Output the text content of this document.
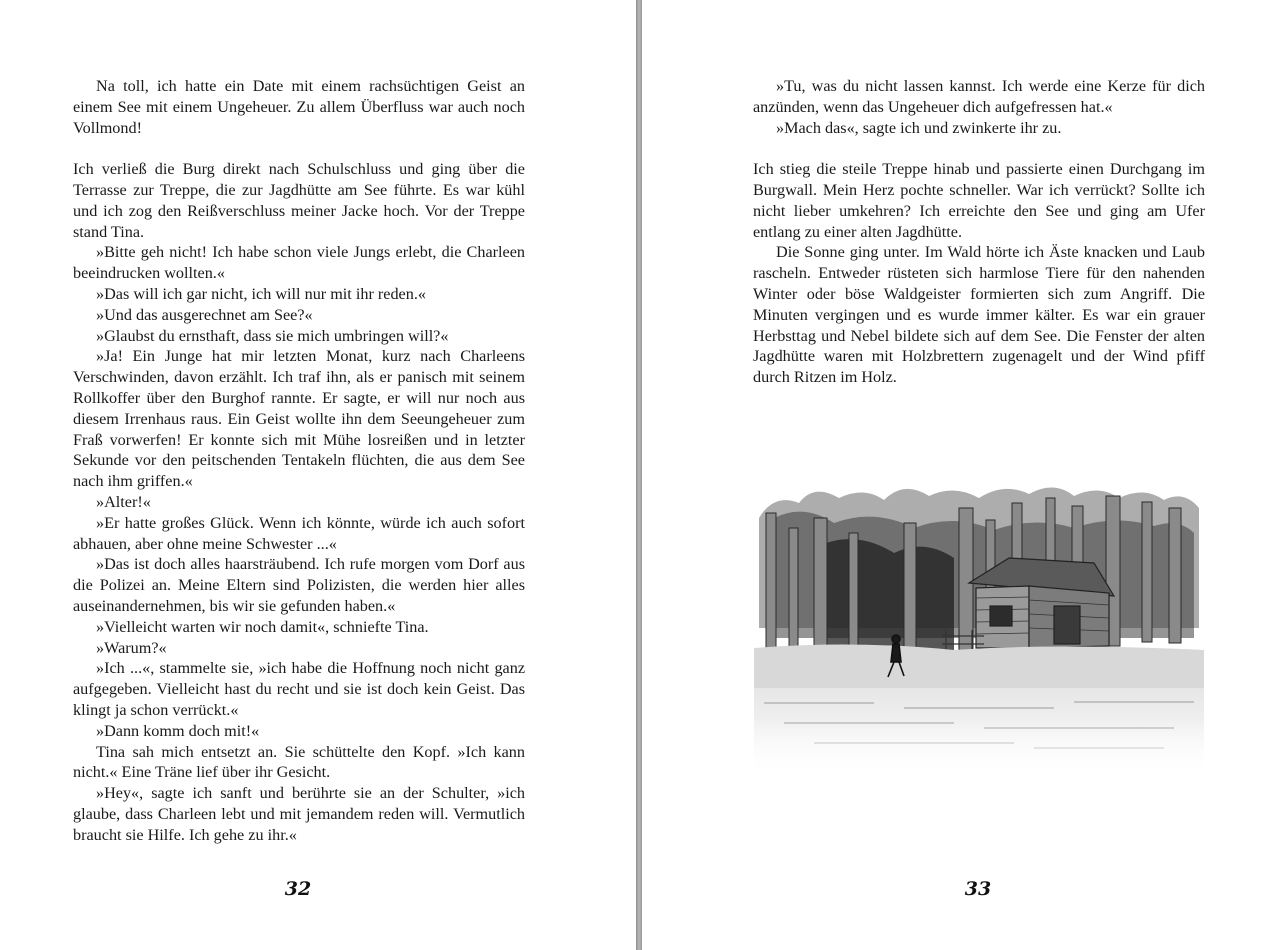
Na toll, ich hatte ein Date mit einem rachsüchtigen Geist an einem See mit einem Ungeheuer. Zu allem Überfluss war auch noch Vollmond!

Ich verließ die Burg direkt nach Schulschluss und ging über die Terrasse zur Treppe, die zur Jagdhütte am See führte. Es war kühl und ich zog den Reißverschluss meiner Jacke hoch. Vor der Treppe stand Tina.

»Bitte geh nicht! Ich habe schon viele Jungs erlebt, die Charleen beeindrucken wollten.«

»Das will ich gar nicht, ich will nur mit ihr reden.«

»Und das ausgerechnet am See?«

»Glaubst du ernsthaft, dass sie mich umbringen will?«

»Ja! Ein Junge hat mir letzten Monat, kurz nach Charleens Verschwinden, davon erzählt. Ich traf ihn, als er panisch mit seinem Rollkoffer über den Burghof rannte. Er sagte, er will nur noch aus diesem Irrenhaus raus. Ein Geist wollte ihn dem Seeungeheuer zum Fraß vorwerfen! Er konnte sich mit Mühe losreißen und in letzter Sekunde vor den peitschenden Tentakeln flüchten, die aus dem See nach ihm griffen.«

»Alter!«

»Er hatte großes Glück. Wenn ich könnte, würde ich auch sofort abhauen, aber ohne meine Schwester ...«

»Das ist doch alles haarsträubend. Ich rufe morgen vom Dorf aus die Polizei an. Meine Eltern sind Polizisten, die werden hier alles auseinandernehmen, bis wir sie gefunden haben.«

»Vielleicht warten wir noch damit«, schniefte Tina.

»Warum?«

»Ich ...«, stammelte sie, »ich habe die Hoffnung noch nicht ganz aufgegeben. Vielleicht hast du recht und sie ist doch kein Geist. Das klingt ja schon verrückt.«

»Dann komm doch mit!«

Tina sah mich entsetzt an. Sie schüttelte den Kopf. »Ich kann nicht.« Eine Träne lief über ihr Gesicht.

»Hey«, sagte ich sanft und berührte sie an der Schulter, »ich glaube, dass Charleen lebt und mit jemandem reden will. Vermutlich braucht sie Hilfe. Ich gehe zu ihr.«

32

»Tu, was du nicht lassen kannst. Ich werde eine Kerze für dich anzünden, wenn das Ungeheuer dich aufgefressen hat.«

»Mach das«, sagte ich und zwinkerte ihr zu.

Ich stieg die steile Treppe hinab und passierte einen Durchgang im Burgwall. Mein Herz pochte schneller. War ich verrückt? Sollte ich nicht lieber umkehren? Ich erreichte den See und ging am Ufer entlang zu einer alten Jagdhütte.

Die Sonne ging unter. Im Wald hörte ich Äste knacken und Laub rascheln. Entweder rüsteten sich harmlose Tiere für den nahenden Winter oder böse Waldgeister formierten sich zum Angriff. Die Minuten vergingen und es wurde immer kälter. Es war ein grauer Herbsttag und Nebel bildete sich auf dem See. Die Fenster der alten Jagdhütte waren mit Holzbrettern zugenagelt und der Wind pfiff durch Ritzen im Holz.

33
